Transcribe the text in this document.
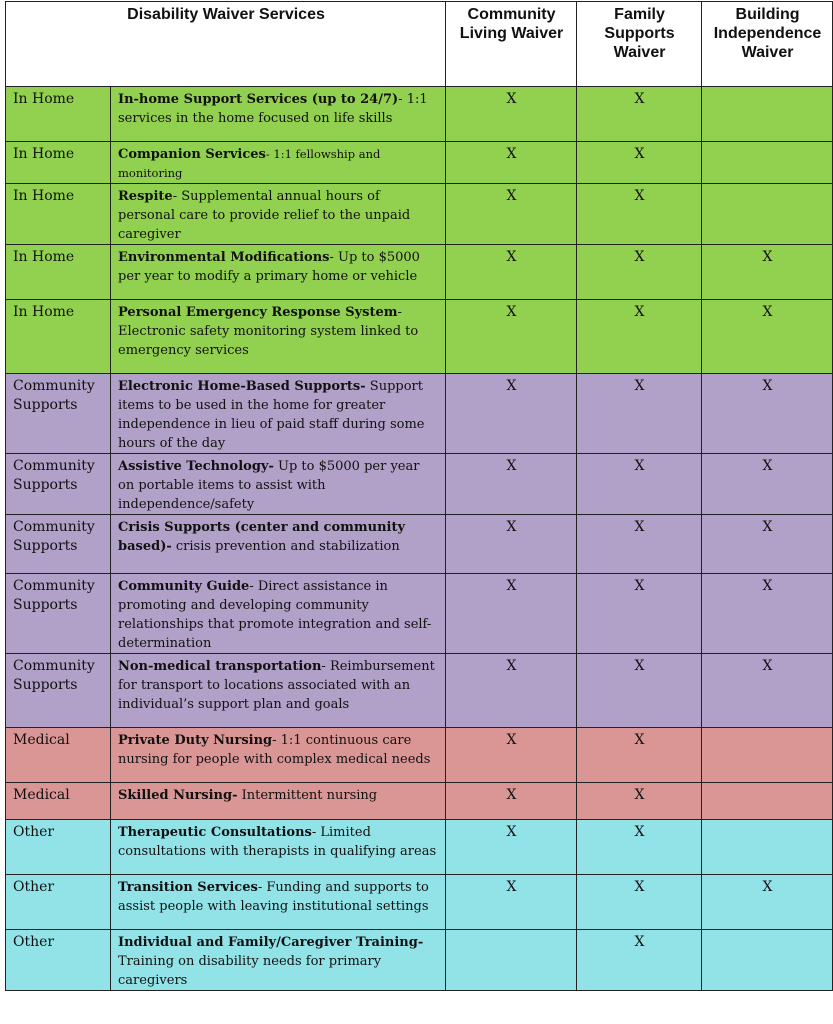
Disability Waiver Services		Community Living Waiver	Family Supports Waiver	Building Independence Waiver
In Home	In-home Support Services (up to 24/7)- 1:1 services in the home focused on life skills	X	X	
In Home	Companion Services- 1:1 fellowship and monitoring	X	X	
In Home	Respite- Supplemental annual hours of personal care to provide relief to the unpaid caregiver	X	X	
In Home	Environmental Modifications- Up to $5000 per year to modify a primary home or vehicle	X	X	X
In Home	Personal Emergency Response System- Electronic safety monitoring system linked to emergency services	X	X	X
Community Supports	Electronic Home-Based Supports- Support items to be used in the home for greater independence in lieu of paid staff during some hours of the day	X	X	X
Community Supports	Assistive Technology- Up to $5000 per year on portable items to assist with independence/safety	X	X	X
Community Supports	Crisis Supports (center and community based)- crisis prevention and stabilization	X	X	X
Community Supports	Community Guide- Direct assistance in promoting and developing community relationships that promote integration and self-determination	X	X	X
Community Supports	Non-medical transportation- Reimbursement for transport to locations associated with an individual’s support plan and goals	X	X	X
Medical	Private Duty Nursing- 1:1 continuous care nursing for people with complex medical needs	X	X	
Medical	Skilled Nursing- Intermittent nursing	X	X	
Other	Therapeutic Consultations- Limited consultations with therapists in qualifying areas	X	X	
Other	Transition Services- Funding and supports to assist people with leaving institutional settings	X	X	X
Other	Individual and Family/Caregiver Training- Training on disability needs for primary caregivers		X	
